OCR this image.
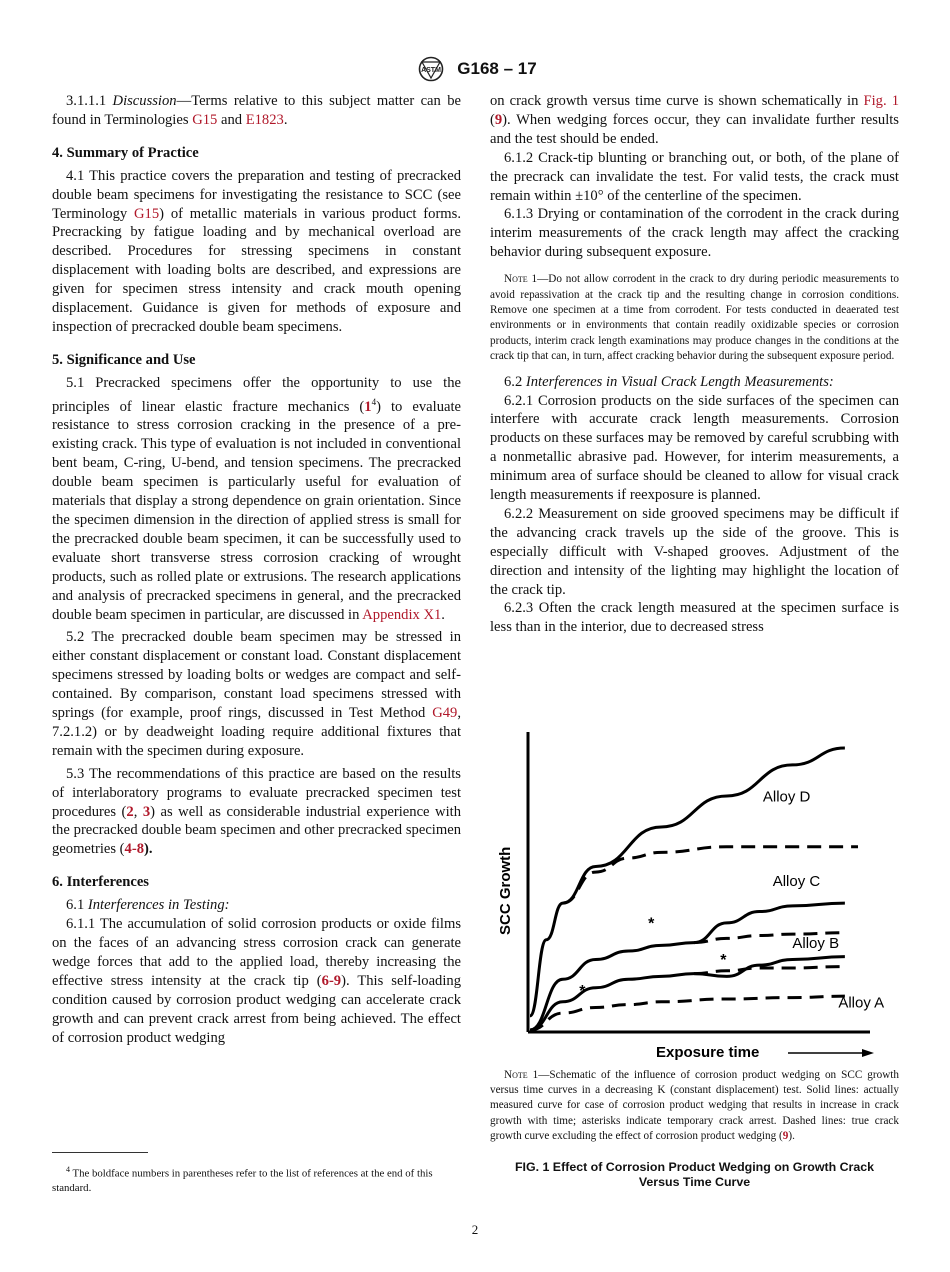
ASTM G168 – 17

3.1.1.1 Discussion—Terms relative to this subject matter can be found in Terminologies G15 and E1823.

4. Summary of Practice

4.1 This practice covers the preparation and testing of precracked double beam specimens for investigating the resistance to SCC (see Terminology G15) of metallic materials in various product forms. Precracking by fatigue loading and by mechanical overload are described. Procedures for stressing specimens in constant displacement with loading bolts are described, and expressions are given for specimen stress intensity and crack mouth opening displacement. Guidance is given for methods of exposure and inspection of precracked double beam specimens.

5. Significance and Use

5.1 Precracked specimens offer the opportunity to use the principles of linear elastic fracture mechanics $(1^4)$ to evaluate resistance to stress corrosion cracking in the presence of a pre-existing crack. This type of evaluation is not included in conventional bent beam, C-ring, U-bend, and tension specimens. The precracked double beam specimen is particularly useful for evaluation of materials that display a strong dependence on grain orientation. Since the specimen dimension in the direction of applied stress is small for the precracked double beam specimen, it can be successfully used to evaluate short transverse stress corrosion cracking of wrought products, such as rolled plate or extrusions. The research applications and analysis of precracked specimens in general, and the precracked double beam specimen in particular, are discussed in Appendix X1.

5.2 The precracked double beam specimen may be stressed in either constant displacement or constant load. Constant displacement specimens stressed by loading bolts or wedges are compact and self-contained. By comparison, constant load specimens stressed with springs (for example, proof rings, discussed in Test Method G49, 7.2.1.2) or by deadweight loading require additional fixtures that remain with the specimen during exposure.

5.3 The recommendations of this practice are based on the results of interlaboratory programs to evaluate precracked specimen test procedures (2, 3) as well as considerable industrial experience with the precracked double beam specimen and other precracked specimen geometries (4-8).

6. Interferences

6.1 Interferences in Testing:

6.1.1 The accumulation of solid corrosion products or oxide films on the faces of an advancing stress corrosion crack can generate wedge forces that add to the applied load, thereby increasing the effective stress intensity at the crack tip (6-9). This self-loading condition caused by corrosion product wedging can accelerate crack growth and can prevent crack arrest from being achieved. The effect of corrosion product wedging

on crack growth versus time curve is shown schematically in Fig. 1 (9). When wedging forces occur, they can invalidate further results and the test should be ended.

6.1.2 Crack-tip blunting or branching out, or both, of the plane of the precrack can invalidate the test. For valid tests, the crack must remain within ±10° of the centerline of the specimen.

6.1.3 Drying or contamination of the corrodent in the crack during interim measurements of the crack length may affect the cracking behavior during subsequent exposure.

Note 1—Do not allow corrodent in the crack to dry during periodic measurements to avoid repassivation at the crack tip and the resulting change in corrosion conditions. Remove one specimen at a time from corrodent. For tests conducted in deaerated test environments or in environments that contain readily oxidizable species or corrosion products, interim crack length examinations may produce changes in the conditions at the crack tip that can, in turn, affect cracking behavior during the subsequent exposure period.

6.2 Interferences in Visual Crack Length Measurements:

6.2.1 Corrosion products on the side surfaces of the specimen can interfere with accurate crack length measurements. Corrosion products on these surfaces may be removed by careful scrubbing with a nonmetallic abrasive pad. However, for interim measurements, a minimum area of surface should be cleaned to allow for visual crack length measurements if reexposure is planned.

6.2.2 Measurement on side grooved specimens may be difficult if the advancing crack travels up the side of the groove. This is especially difficult with V-shaped grooves. Adjustment of the direction and intensity of the lighting may highlight the location of the crack tip.

6.2.3 Often the crack length measured at the specimen surface is less than in the interior, due to decreased stress

SCC Growth
Exposure time
Alloy D
Alloy C
Alloy B
Alloy A
*
*
*
Note 1—Schematic of the influence of corrosion product wedging on SCC growth versus time curves in a decreasing K (constant displacement) test. Solid lines: actually measured curve for case of corrosion product wedging that results in increase in crack growth with time; asterisks indicate temporary crack arrest. Dashed lines: true crack growth curve excluding the effect of corrosion product wedging (9).
FIG. 1 Effect of Corrosion Product Wedging on Growth Crack
Versus Time Curve
$^4$ The boldface numbers in parentheses refer to the list of references at the end of this standard.
2
